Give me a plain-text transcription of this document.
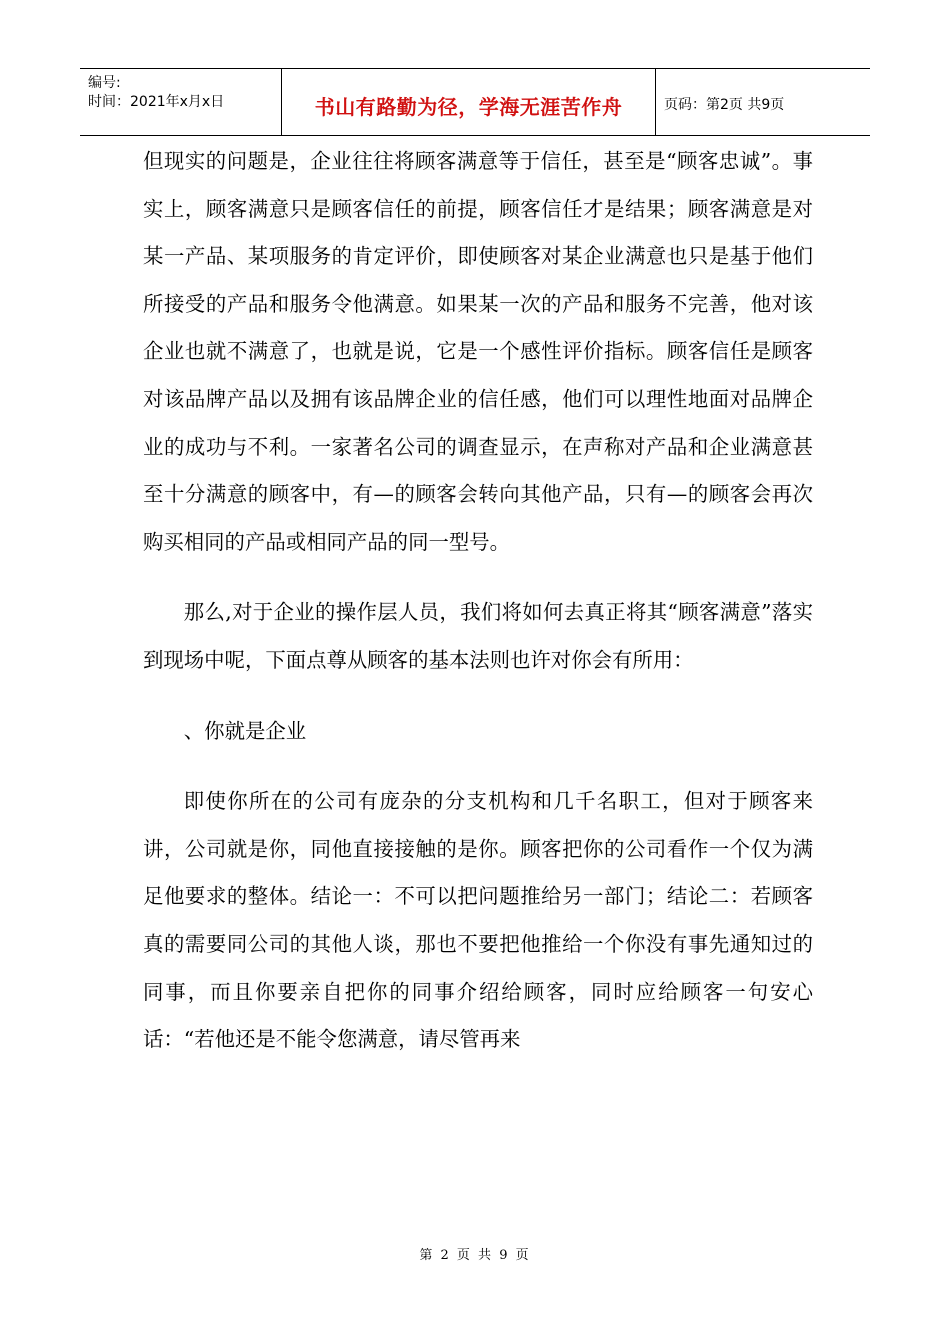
编号:
时间：2021年x月x日	书山有路勤为径，学海无涯苦作舟	页码：第2页 共9页

但现实的问题是，企业往往将顾客满意等于信任，甚至是“顾客忠诚”。事实上，顾客满意只是顾客信任的前提，顾客信任才是结果；顾客满意是对某一产品、某项服务的肯定评价，即使顾客对某企业满意也只是基于他们所接受的产品和服务令他满意。如果某一次的产品和服务不完善，他对该企业也就不满意了，也就是说，它是一个感性评价指标。顾客信任是顾客对该品牌产品以及拥有该品牌企业的信任感，他们可以理性地面对品牌企业的成功与不利。一家著名公司的调查显示，在声称对产品和企业满意甚至十分满意的顾客中，有—的顾客会转向其他产品，只有—的顾客会再次购买相同的产品或相同产品的同一型号。

那么,对于企业的操作层人员，我们将如何去真正将其“顾客满意”落实到现场中呢，下面点尊从顾客的基本法则也许对你会有所用：

、你就是企业

即使你所在的公司有庞杂的分支机构和几千名职工，但对于顾客来讲，公司就是你，同他直接接触的是你。顾客把你的公司看作一个仅为满足他要求的整体。结论一：不可以把问题推给另一部门；结论二：若顾客真的需要同公司的其他人谈，那也不要把他推给一个你没有事先通知过的同事，而且你要亲自把你的同事介绍给顾客，同时应给顾客一句安心话：“若他还是不能令您满意，请尽管再来

第 2 页 共 9 页
